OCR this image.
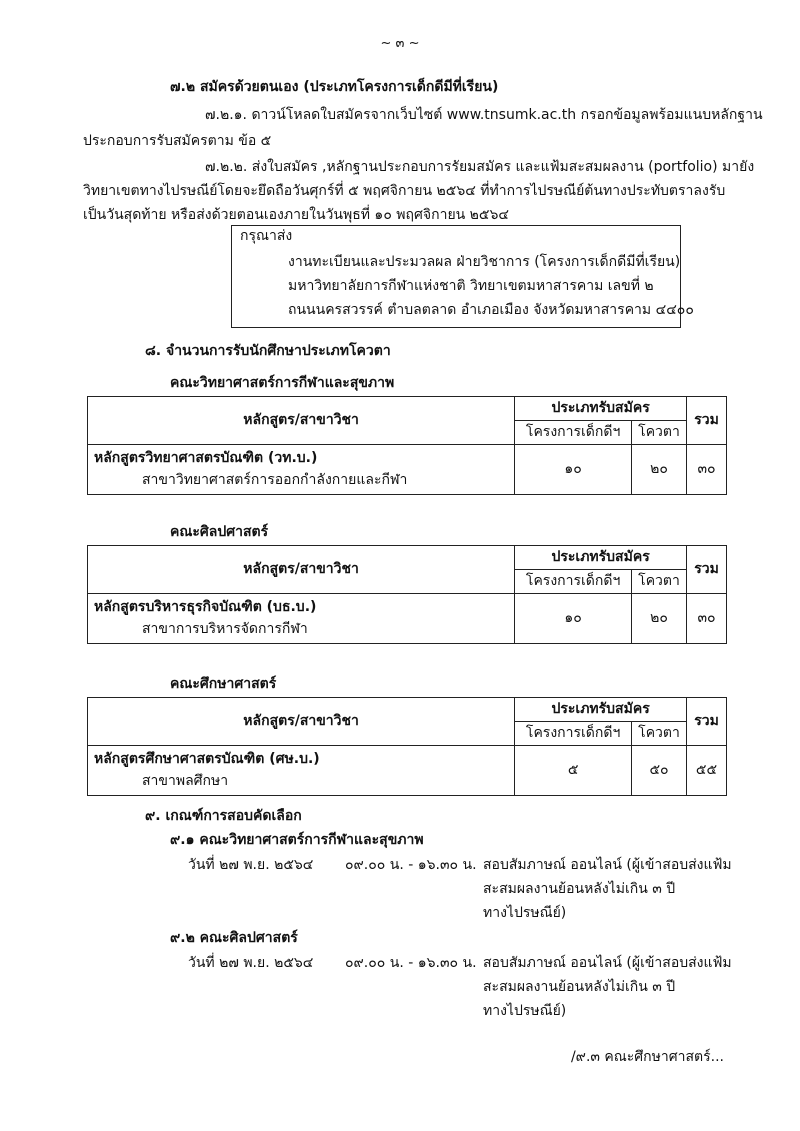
~ ๓ ~
๗.๒ สมัครด้วยตนเอง (ประเภทโครงการเด็กดีมีที่เรียน)
๗.๒.๑. ดาวน์โหลดใบสมัครจากเว็บไซต์ www.tnsumk.ac.th กรอกข้อมูลพร้อมแนบหลักฐาน
ประกอบการรับสมัครตาม ข้อ ๕
๗.๒.๒. ส่งใบสมัคร ,หลักฐานประกอบการรัยมสมัคร และแฟ้มสะสมผลงาน (portfolio) มายัง
วิทยาเขตทางไปรษณีย์โดยจะยึดถือวันศุกร์ที่ ๕ พฤศจิกายน ๒๕๖๔ ที่ทำการไปรษณีย์ต้นทางประทับตราลงรับ
เป็นวันสุดท้าย หรือส่งด้วยตอนเองภายในวันพุธที่ ๑๐ พฤศจิกายน ๒๕๖๔
กรุณาส่ง
งานทะเบียนและประมวลผล ฝ่ายวิชาการ (โครงการเด็กดีมีที่เรียน)
มหาวิทยาลัยการกีฬาแห่งชาติ วิทยาเขตมหาสารคาม เลขที่ ๒
ถนนนครสวรรค์ ตำบลตลาด อำเภอเมือง จังหวัดมหาสารคาม ๔๔๐๐
๘. จำนวนการรับนักศึกษาประเภทโควตา
คณะวิทยาศาสตร์การกีฬาและสุขภาพ
หลักสูตร/สาขาวิชา	ประเภทรับสมัคร		รวม
	โครงการเด็กดีฯ	โควตา	

หลักสูตรวิทยาศาสตรบัณฑิต (วท.บ.)
สาขาวิทยาศาสตร์การออกกำลังกายและกีฬา	๑๐	๒๐	๓๐
คณะศิลปศาสตร์
หลักสูตร/สาขาวิชา	ประเภทรับสมัคร		รวม
	โครงการเด็กดีฯ	โควตา	

หลักสูตรบริหารธุรกิจบัณฑิต (บธ.บ.)
สาขาการบริหารจัดการกีฬา	๑๐	๒๐	๓๐
คณะศึกษาศาสตร์
หลักสูตร/สาขาวิชา	ประเภทรับสมัคร		รวม
	โครงการเด็กดีฯ	โควตา	

หลักสูตรศึกษาศาสตรบัณฑิต (ศษ.บ.)
สาขาพลศึกษา	๕	๕๐	๕๕
๙. เกณฑ์การสอบคัดเลือก
๙.๑ คณะวิทยาศาสตร์การกีฬาและสุขภาพ
วันที่ ๒๗ พ.ย. ๒๕๖๔ ๐๙.๐๐ น. - ๑๖.๓๐ น. สอบสัมภาษณ์ ออนไลน์ (ผู้เข้าสอบส่งแฟ้ม
สะสมผลงานย้อนหลังไม่เกิน ๓ ปี
ทางไปรษณีย์)
๙.๒ คณะศิลปศาสตร์
วันที่ ๒๗ พ.ย. ๒๕๖๔ ๐๙.๐๐ น. - ๑๖.๓๐ น. สอบสัมภาษณ์ ออนไลน์ (ผู้เข้าสอบส่งแฟ้ม
สะสมผลงานย้อนหลังไม่เกิน ๓ ปี
ทางไปรษณีย์)
/๙.๓ คณะศึกษาศาสตร์...
